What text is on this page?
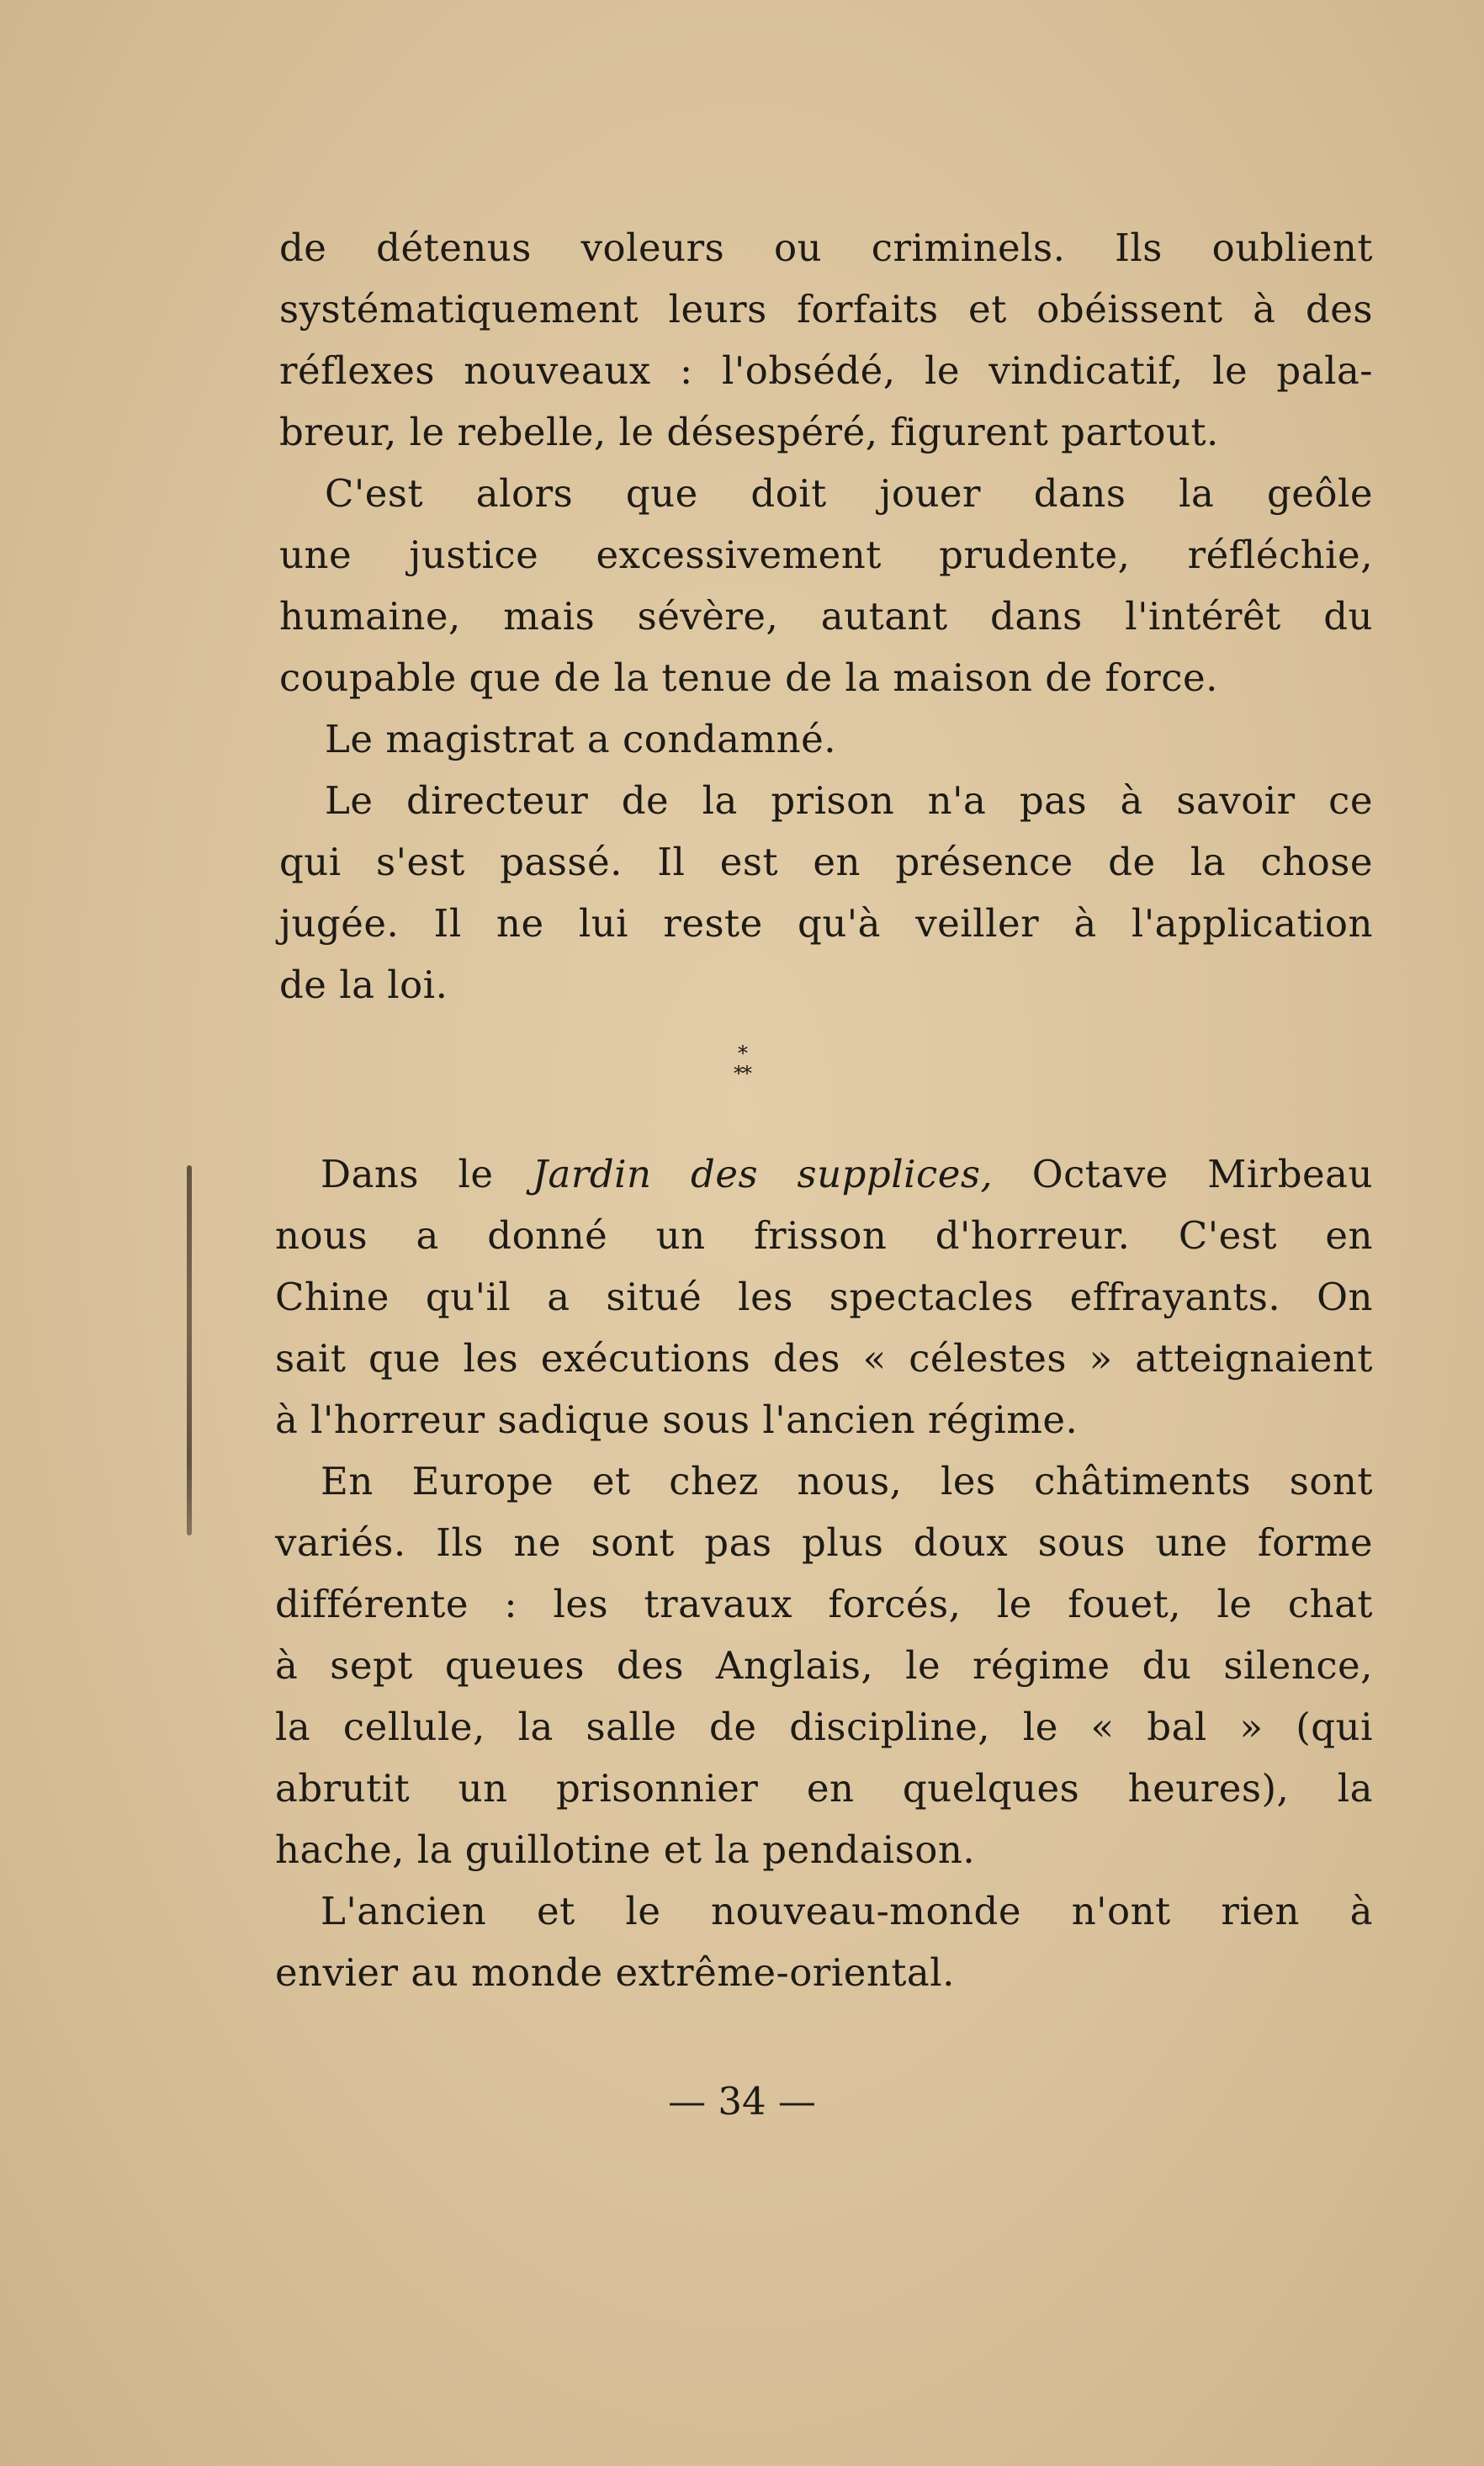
de détenus voleurs ou criminels. Ils oublient
systématiquement leurs forfaits et obéissent à des
réflexes nouveaux : l'obsédé, le vindicatif, le pala-
breur, le rebelle, le désespéré, figurent partout.
C'est alors que doit jouer dans la geôle
une justice excessivement prudente, réfléchie,
humaine, mais sévère, autant dans l'intérêt du
coupable que de la tenue de la maison de force.
Le magistrat a condamné.
Le directeur de la prison n'a pas à savoir ce
qui s'est passé. Il est en présence de la chose
jugée. Il ne lui reste qu'à veiller à l'application
de la loi.
*
**
Dans le Jardin des supplices, Octave Mirbeau
nous a donné un frisson d'horreur. C'est en
Chine qu'il a situé les spectacles effrayants. On
sait que les exécutions des « célestes » atteignaient
à l'horreur sadique sous l'ancien régime.
En Europe et chez nous, les châtiments sont
variés. Ils ne sont pas plus doux sous une forme
différente : les travaux forcés, le fouet, le chat
à sept queues des Anglais, le régime du silence,
la cellule, la salle de discipline, le « bal » (qui
abrutit un prisonnier en quelques heures), la
hache, la guillotine et la pendaison.
L'ancien et le nouveau-monde n'ont rien à
envier au monde extrême-oriental.
— 34 —
